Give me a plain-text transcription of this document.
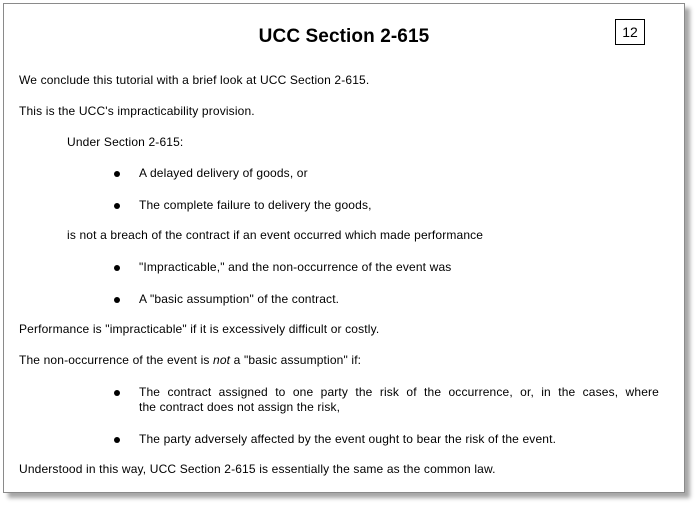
UCC Section 2-615	12
We conclude this tutorial with a brief look at UCC Section 2-615.
This is the UCC's impracticability provision.
Under Section 2-615:
A delayed delivery of goods, or
The complete failure to delivery the goods,
is not a breach of the contract if an event occurred which made performance
"Impracticable," and the non-occurrence of the event was
A "basic assumption" of the contract.
Performance is "impracticable" if it is excessively difficult or costly.
The non-occurrence of the event is not a "basic assumption" if:
The contract assigned to one party the risk of the occurrence, or, in the cases, where
the contract does not assign the risk,
The party adversely affected by the event ought to bear the risk of the event.
Understood in this way, UCC Section 2-615 is essentially the same as the common law.
